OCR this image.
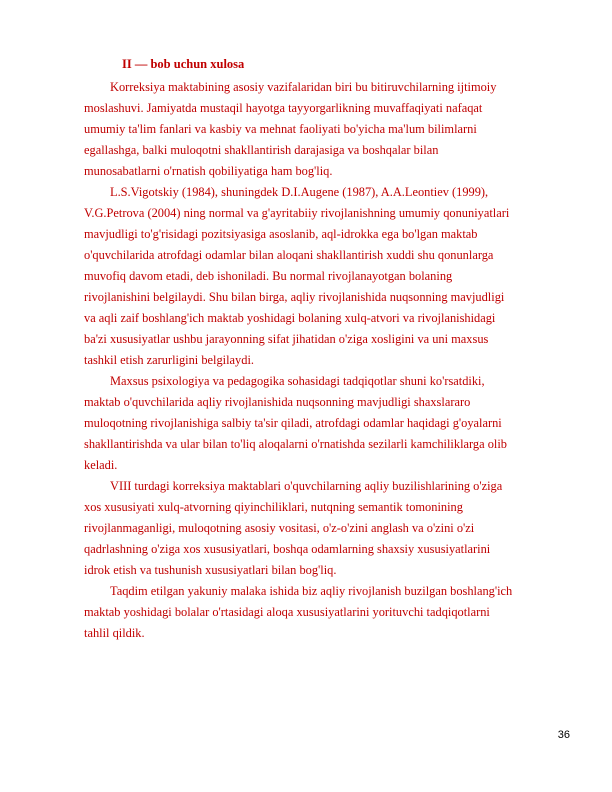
II — bob uchun xulosa
Korreksiya maktabining asosiy vazifalaridan biri bu bitiruvchilarning ijtimoiy
moslashuvi. Jamiyatda mustaqil hayotga tayyorgarlikning muvaffaqiyati nafaqat
umumiy ta'lim fanlari va kasbiy va mehnat faoliyati bo'yicha ma'lum bilimlarni
egallashga, balki muloqotni shakllantirish darajasiga va boshqalar bilan
munosabatlarni o'rnatish qobiliyatiga ham bog'liq.
L.S.Vigotskiy (1984), shuningdek D.I.Augene (1987), A.A.Leontiev (1999),
V.G.Petrova (2004) ning normal va g'ayritabiiy rivojlanishning umumiy qonuniyatlari
mavjudligi to'g'risidagi pozitsiyasiga asoslanib, aql-idrokka ega bo'lgan maktab
o'quvchilarida atrofdagi odamlar bilan aloqani shakllantirish xuddi shu qonunlarga
muvofiq davom etadi, deb ishoniladi. Bu normal rivojlanayotgan bolaning
rivojlanishini belgilaydi. Shu bilan birga, aqliy rivojlanishida nuqsonning mavjudligi
va aqli zaif boshlang'ich maktab yoshidagi bolaning xulq-atvori va rivojlanishidagi
ba'zi xususiyatlar ushbu jarayonning sifat jihatidan o'ziga xosligini va uni maxsus
tashkil etish zarurligini belgilaydi.
Maxsus psixologiya va pedagogika sohasidagi tadqiqotlar shuni ko'rsatdiki,
maktab o'quvchilarida aqliy rivojlanishida nuqsonning mavjudligi shaxslararo
muloqotning rivojlanishiga salbiy ta'sir qiladi, atrofdagi odamlar haqidagi g'oyalarni
shakllantirishda va ular bilan to'liq aloqalarni o'rnatishda sezilarli kamchiliklarga olib
keladi.
VIII turdagi korreksiya maktablari o'quvchilarning aqliy buzilishlarining o'ziga
xos xususiyati xulq-atvorning qiyinchiliklari, nutqning semantik tomonining
rivojlanmaganligi, muloqotning asosiy vositasi, o'z-o'zini anglash va o'zini o'zi
qadrlashning o'ziga xos xususiyatlari, boshqa odamlarning shaxsiy xususiyatlarini
idrok etish va tushunish xususiyatlari bilan bog'liq.
Taqdim etilgan yakuniy malaka ishida biz aqliy rivojlanish buzilgan boshlang'ich
maktab yoshidagi bolalar o'rtasidagi aloqa xususiyatlarini yorituvchi tadqiqotlarni
tahlil qildik.
36
